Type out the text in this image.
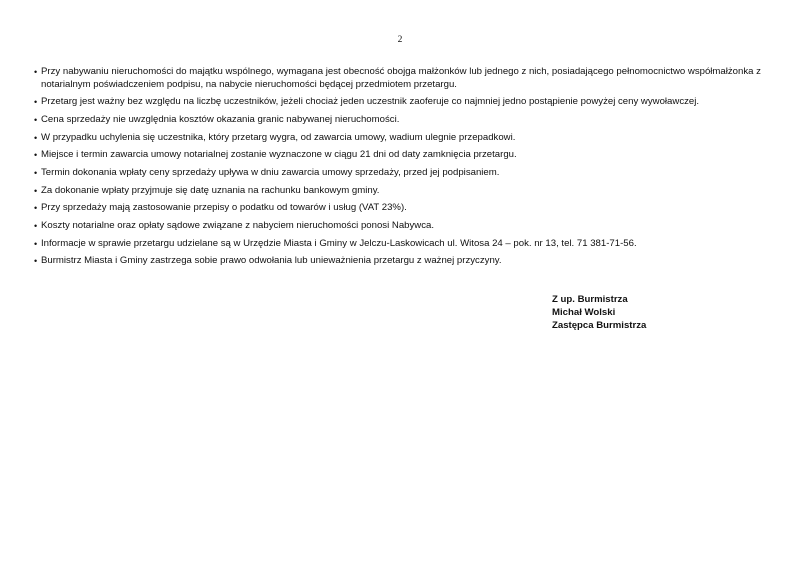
2
• Przy nabywaniu nieruchomości do majątku wspólnego, wymagana jest obecność obojga małżonków lub jednego z nich, posiadającego pełnomocnictwo współmałżonka z notarialnym poświadczeniem podpisu, na nabycie nieruchomości będącej przedmiotem przetargu.
• Przetarg jest ważny bez względu na liczbę uczestników, jeżeli chociaż jeden uczestnik zaoferuje co najmniej jedno postąpienie powyżej ceny wywoławczej.
• Cena sprzedaży nie uwzględnia kosztów okazania granic nabywanej nieruchomości.
• W przypadku uchylenia się uczestnika, który przetarg wygra, od zawarcia umowy, wadium ulegnie przepadkowi.
• Miejsce i termin zawarcia umowy notarialnej zostanie wyznaczone w ciągu 21 dni od daty zamknięcia przetargu.
• Termin dokonania wpłaty ceny sprzedaży upływa w dniu zawarcia umowy sprzedaży, przed jej podpisaniem.
• Za dokonanie wpłaty przyjmuje się datę uznania na rachunku bankowym gminy.
• Przy sprzedaży mają zastosowanie przepisy o podatku od towarów i usług (VAT 23%).
• Koszty notarialne oraz opłaty sądowe związane z nabyciem nieruchomości ponosi Nabywca.
• Informacje w sprawie przetargu udzielane są w Urzędzie Miasta i Gminy w Jelczu-Laskowicach ul. Witosa 24 – pok. nr 13, tel. 71 381-71-56.
• Burmistrz Miasta i Gminy zastrzega sobie prawo odwołania lub unieważnienia przetargu z ważnej przyczyny.
Z up. Burmistrza
Michał Wolski
Zastępca Burmistrza
